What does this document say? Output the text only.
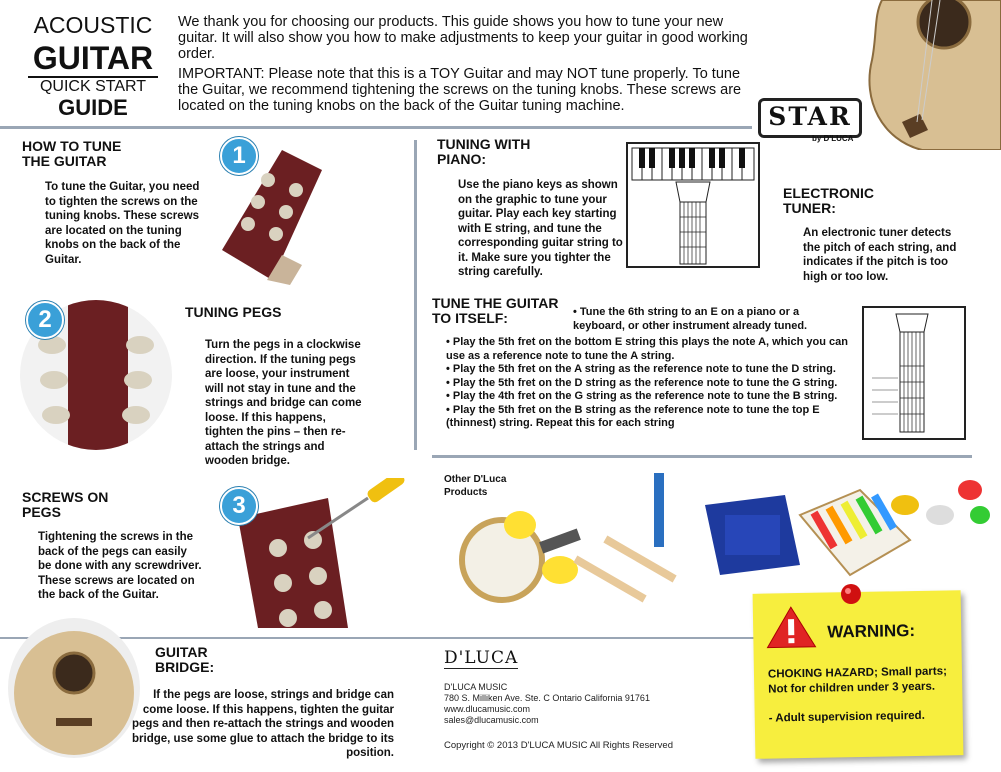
ACOUSTIC
GUITAR
QUICK START
GUIDE

We thank you for choosing our products. This guide shows you how to tune your new guitar. It will also show you how to make adjustments to keep your guitar in good working order.

IMPORTANT: Please note that this is a TOY Guitar and may NOT tune properly. To tune the Guitar, we recommend tightening the screws on the tuning knobs. These screws are located on the tuning knobs on the back of the Guitar tuning machine.	STAR
by D'LUCA
HOW TO TUNE
THE GUITAR
To tune the Guitar, you need to tighten the screws on the tuning knobs. These screws are located on the tuning knobs on the back of the Guitar.
1
2	TUNING PEGS
Turn the pegs in a clockwise direction. If the tuning pegs are loose, your instrument will not stay in tune and the strings and bridge can come loose. If this happens, tighten the pins – then re-attach the strings and wooden bridge.
SCREWS ON
PEGS
Tightening the screws in the back of the pegs can easily be done with any screwdriver. These screws are located on the back of the Guitar.
3
GUITAR
BRIDGE:
If the pegs are loose, strings and bridge can come loose. If this happens, tighten the guitar pegs and then re-attach the strings and wooden bridge, use some glue to attach the bridge to its position.
TUNING WITH
PIANO:
Use the piano keys as shown on the graphic to tune your guitar. Play each key starting with E string, and tune the corresponding guitar string to it. Make sure you tighter the string carefully.
ELECTRONIC
TUNER:
An electronic tuner detects the pitch of each string, and indicates if the pitch is too high or too low.
TUNE THE GUITAR
TO ITSELF:	• Tune the 6th string to an E on a piano or a keyboard, or other instrument already tuned.
• Play the 5th fret on the bottom E string this plays the note A, which you can use as a reference note to tune the A string.
• Play the 5th fret on the A string as the reference note to tune the D string.
• Play the 5th fret on the D string as the reference note to tune the G string.
• Play the 4th fret on the G string as the reference note to tune the B string.
• Play the 5th fret on the B string as the reference note to tune the top E (thinnest) string. Repeat this for each string
Other D'Luca
Products
D'LUCA
D'LUCA MUSIC
780 S. Milliken Ave. Ste. C Ontario California 91761
www.dlucamusic.com
sales@dlucamusic.com
Copyright © 2013 D'LUCA MUSIC All Rights Reserved
WARNING:
CHOKING HAZARD; Small parts; Not for children under 3 years.
- Adult supervision required.
